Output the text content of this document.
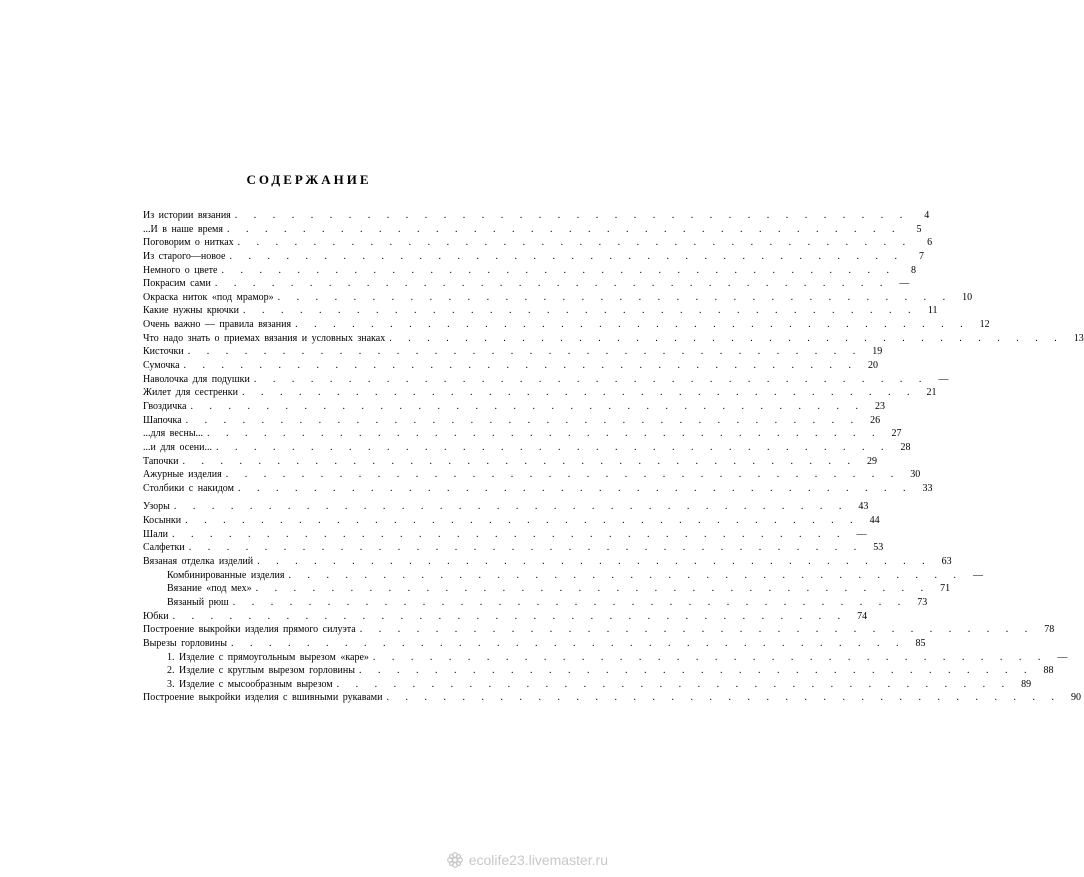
СОДЕРЖАНИЕ
Из истории вязания . . . . . . . . . . . . . . . . . . . . . . . . . . . . . . . . . . . .	4
...И в наше время . . . . . . . . . . . . . . . . . . . . . . . . . . . . . . . . . . . .	5
Поговорим о нитках . . . . . . . . . . . . . . . . . . . . . . . . . . . . . . . . . . . .	6
Из старого—новое . . . . . . . . . . . . . . . . . . . . . . . . . . . . . . . . . . . .	7
Немного о цвете . . . . . . . . . . . . . . . . . . . . . . . . . . . . . . . . . . . .	8
Покрасим сами . . . . . . . . . . . . . . . . . . . . . . . . . . . . . . . . . . . .	—
Окраска ниток «под мрамор» . . . . . . . . . . . . . . . . . . . . . . . . . . . . . . . . . . . .	10
Какие нужны крючки . . . . . . . . . . . . . . . . . . . . . . . . . . . . . . . . . . . .	11
Очень важно — правила вязания . . . . . . . . . . . . . . . . . . . . . . . . . . . . . . . . . . . .	12
Что надо знать о приемах вязания и условных знаках . . . . . . . . . . . . . . . . . . . . . . . . . . . . . . . . . . . .	13
Кисточки . . . . . . . . . . . . . . . . . . . . . . . . . . . . . . . . . . . .	19
Сумочка . . . . . . . . . . . . . . . . . . . . . . . . . . . . . . . . . . . .	20
Наволочка для подушки . . . . . . . . . . . . . . . . . . . . . . . . . . . . . . . . . . . .	—
Жилет для сестренки . . . . . . . . . . . . . . . . . . . . . . . . . . . . . . . . . . . .	21
Гвоздичка . . . . . . . . . . . . . . . . . . . . . . . . . . . . . . . . . . . .	23
Шапочка . . . . . . . . . . . . . . . . . . . . . . . . . . . . . . . . . . . .	26
...для весны... . . . . . . . . . . . . . . . . . . . . . . . . . . . . . . . . . . . .	27
...и для осени... . . . . . . . . . . . . . . . . . . . . . . . . . . . . . . . . . . . .	28
Тапочки . . . . . . . . . . . . . . . . . . . . . . . . . . . . . . . . . . . .	29
Ажурные изделия . . . . . . . . . . . . . . . . . . . . . . . . . . . . . . . . . . . .	30
Столбики с накидом . . . . . . . . . . . . . . . . . . . . . . . . . . . . . . . . . . . .	33
Узоры . . . . . . . . . . . . . . . . . . . . . . . . . . . . . . . . . . . .	43
Косынки . . . . . . . . . . . . . . . . . . . . . . . . . . . . . . . . . . . .	44
Шали . . . . . . . . . . . . . . . . . . . . . . . . . . . . . . . . . . . .	—
Салфетки . . . . . . . . . . . . . . . . . . . . . . . . . . . . . . . . . . . .	53
Вязаная отделка изделий . . . . . . . . . . . . . . . . . . . . . . . . . . . . . . . . . . . .	63
Комбинированные изделия . . . . . . . . . . . . . . . . . . . . . . . . . . . . . . . . . . . .	—
Вязание «под мех» . . . . . . . . . . . . . . . . . . . . . . . . . . . . . . . . . . . .	71
Вязаный рюш . . . . . . . . . . . . . . . . . . . . . . . . . . . . . . . . . . . .	73
Юбки . . . . . . . . . . . . . . . . . . . . . . . . . . . . . . . . . . . .	74
Построение выкройки изделия прямого силуэта . . . . . . . . . . . . . . . . . . . . . . . . . . . . . . . . . . . .	78
Вырезы горловины . . . . . . . . . . . . . . . . . . . . . . . . . . . . . . . . . . . .	85
1. Изделие с прямоугольным вырезом «каре» . . . . . . . . . . . . . . . . . . . . . . . . . . . . . . . . . . . .	—
2. Изделие с круглым вырезом горловины . . . . . . . . . . . . . . . . . . . . . . . . . . . . . . . . . . . .	88
3. Изделие с мысообразным вырезом . . . . . . . . . . . . . . . . . . . . . . . . . . . . . . . . . . . .	89
Построение выкройки изделия с вшивными рукавами . . . . . . . . . . . . . . . . . . . . . . . . . . . . . . . . . . . .	90
ecolife23.livemaster.ru
